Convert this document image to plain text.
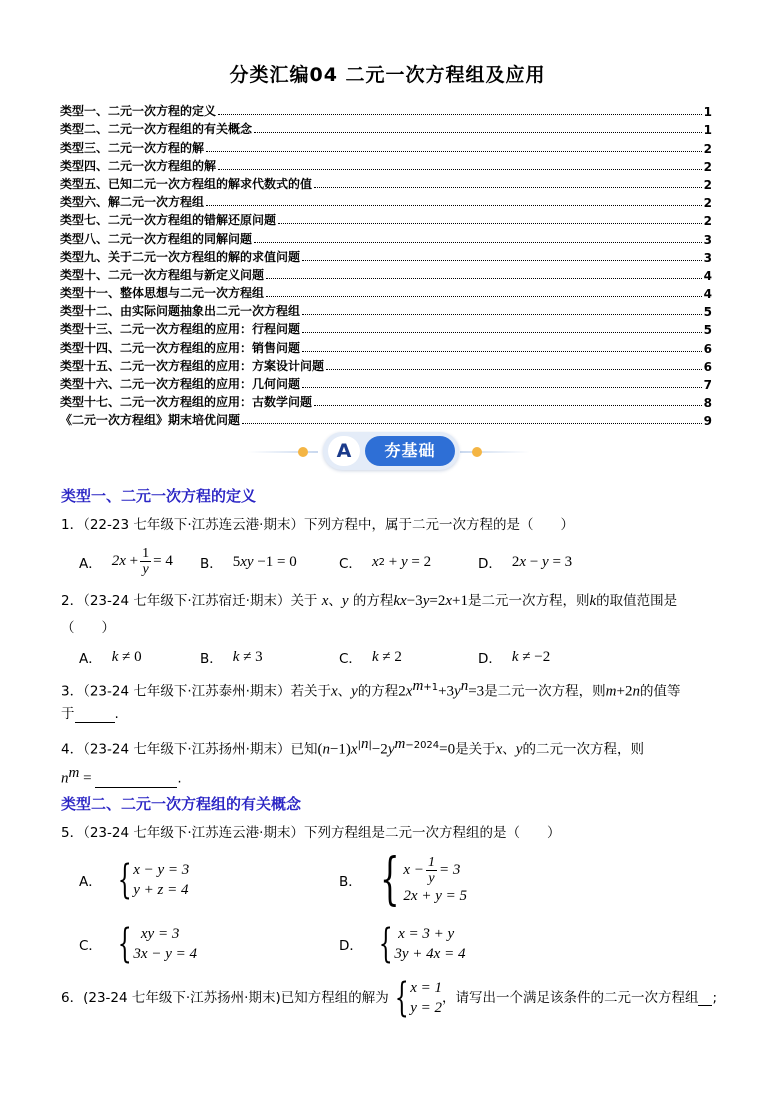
分类汇编04 二元一次方程组及应用
类型一、二元一次方程的定义	1
类型二、二元一次方程组的有关概念	1
类型三、二元一次方程的解	2
类型四、二元一次方程组的解	2
类型五、已知二元一次方程组的解求代数式的值	2
类型六、解二元一次方程组	2
类型七、二元一次方程组的错解还原问题	2
类型八、二元一次方程组的同解问题	3
类型九、关于二元一次方程组的解的求值问题	3
类型十、二元一次方程组与新定义问题	4
类型十一、整体思想与二元一次方程组	4
类型十二、由实际问题抽象出二元一次方程组	5
类型十三、二元一次方程组的应用：行程问题	5
类型十四、二元一次方程组的应用：销售问题	6
类型十五、二元一次方程组的应用：方案设计问题	6
类型十六、二元一次方程组的应用：几何问题	7
类型十七、二元一次方程组的应用：古数学问题	8
《二元一次方程组》期末培优问题	9
A	夯基础
类型一、二元一次方程的定义
1．（22-23 七年级下·江苏连云港·期末）下列方程中，属于二元一次方程的是（　　）
A． $2x + \frac{1}{y} = 4$ B． 5 xy −1 = 0	C． x 2 + y = 2	D． 2 x − y = 3
2．（23-24 七年级下·江苏宿迁·期末）关于 x、y 的方程kx−3y=2x+1是二元一次方程，则k的取值范围是
（　　）
A． k ≠ 0	B． k ≠ 3	C． k ≠ 2	D． k ≠ −2
3．（23-24 七年级下·江苏泰州·期末）若关于x、y的方程$2x^{m+1}+3y^n=3$是二元一次方程，则m+2n的值等
于	.
4．（23-24 七年级下·江苏扬州·期末）已知$(n-1)x^{|n|}-2y^{m-2024}=0$是关于x、y的二元一次方程，则
$n^m$ =	.
类型二、二元一次方程组的有关概念
5．（23-24 七年级下·江苏连云港·期末）下列方程组是二元一次方程组的是（　　）
A． { x − y = 3
y + z = 4	B． { $x - \frac{1}{y} = 3$
2x + y = 5
C． { xy = 3
3x − y = 4	D． { x = 3 + y
3y + 4x = 4
6． (23-24 七年级下·江苏扬州·期末) 已知方程组的解为 { x = 1
y = 2
，请写出一个满足该条件的二元一次方程组 ;
